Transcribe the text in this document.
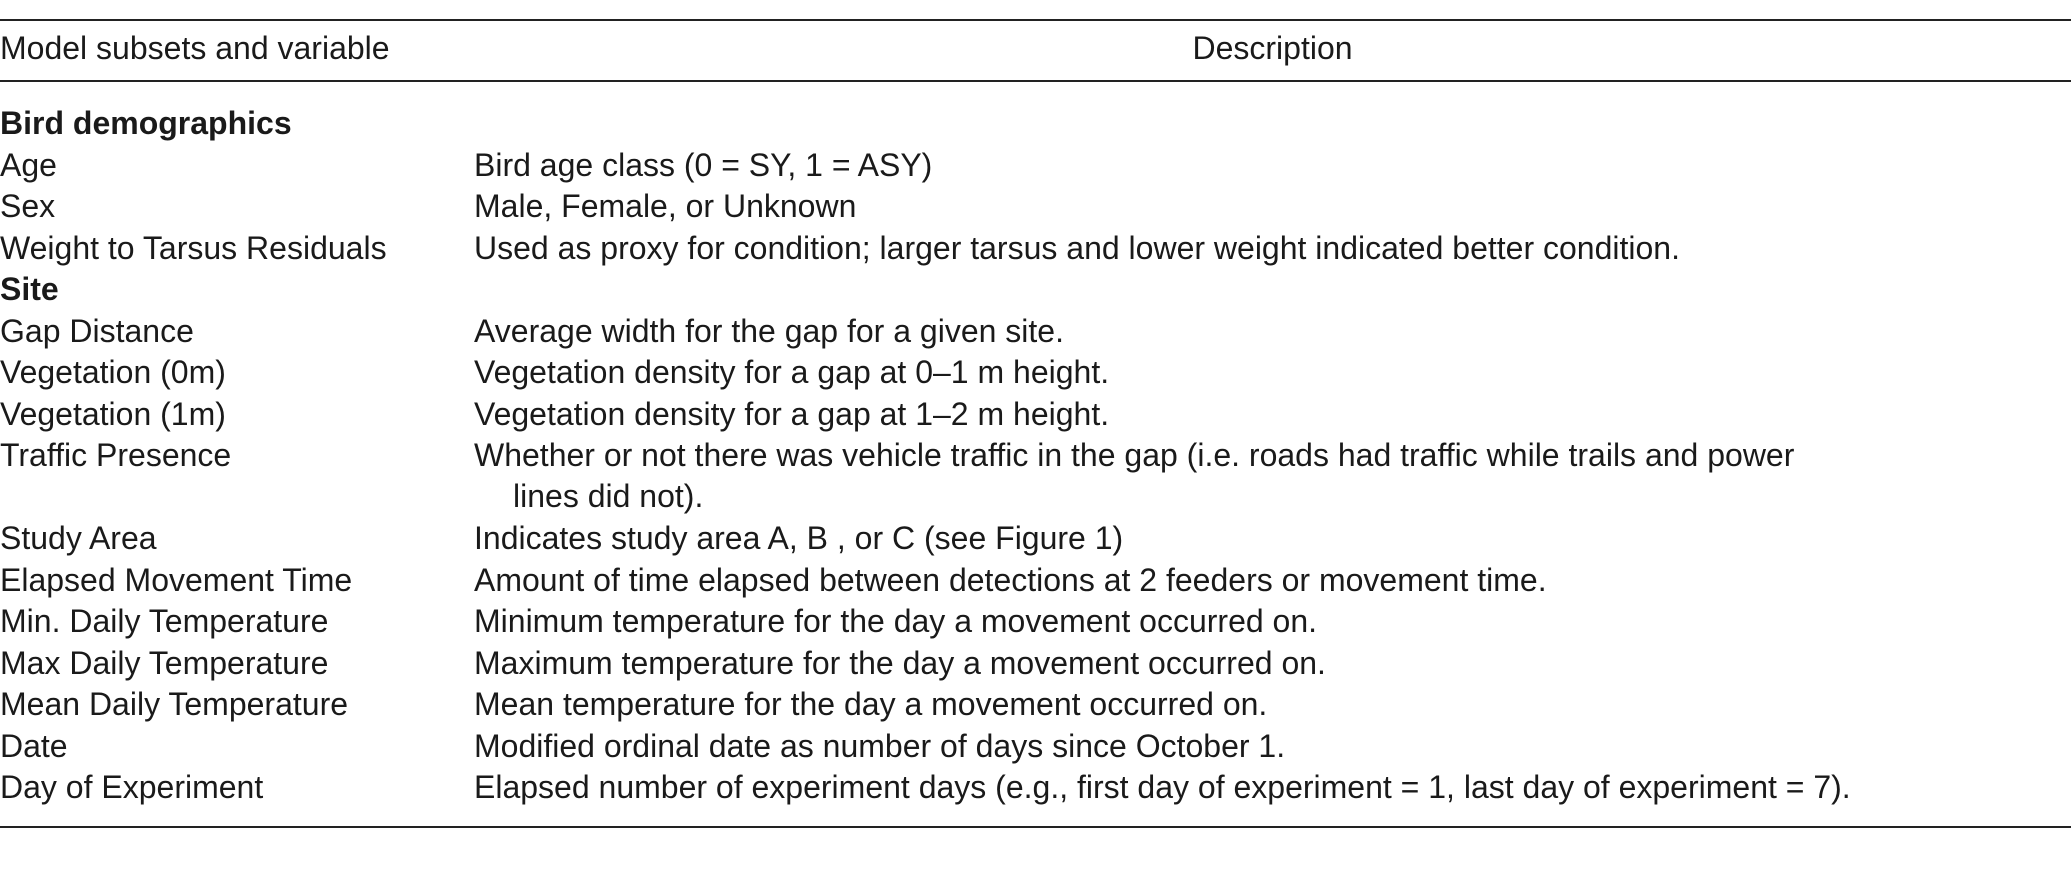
Model subsets and variable	Description
Bird demographics
Age	Bird age class (0 = SY, 1 = ASY)
Sex	Male, Female, or Unknown
Weight to Tarsus Residuals	Used as proxy for condition; larger tarsus and lower weight indicated better condition.
Site
Gap Distance	Average width for the gap for a given site.
Vegetation (0m)	Vegetation density for a gap at 0–1 m height.
Vegetation (1m)	Vegetation density for a gap at 1–2 m height.
Traffic Presence	Whether or not there was vehicle traffic in the gap (i.e. roads had traffic while trails and power
lines did not).
Study Area	Indicates study area A, B , or C (see Figure 1)
Elapsed Movement Time	Amount of time elapsed between detections at 2 feeders or movement time.
Min. Daily Temperature	Minimum temperature for the day a movement occurred on.
Max Daily Temperature	Maximum temperature for the day a movement occurred on.
Mean Daily Temperature	Mean temperature for the day a movement occurred on.
Date	Modified ordinal date as number of days since October 1.
Day of Experiment	Elapsed number of experiment days (e.g., first day of experiment = 1, last day of experiment = 7).
